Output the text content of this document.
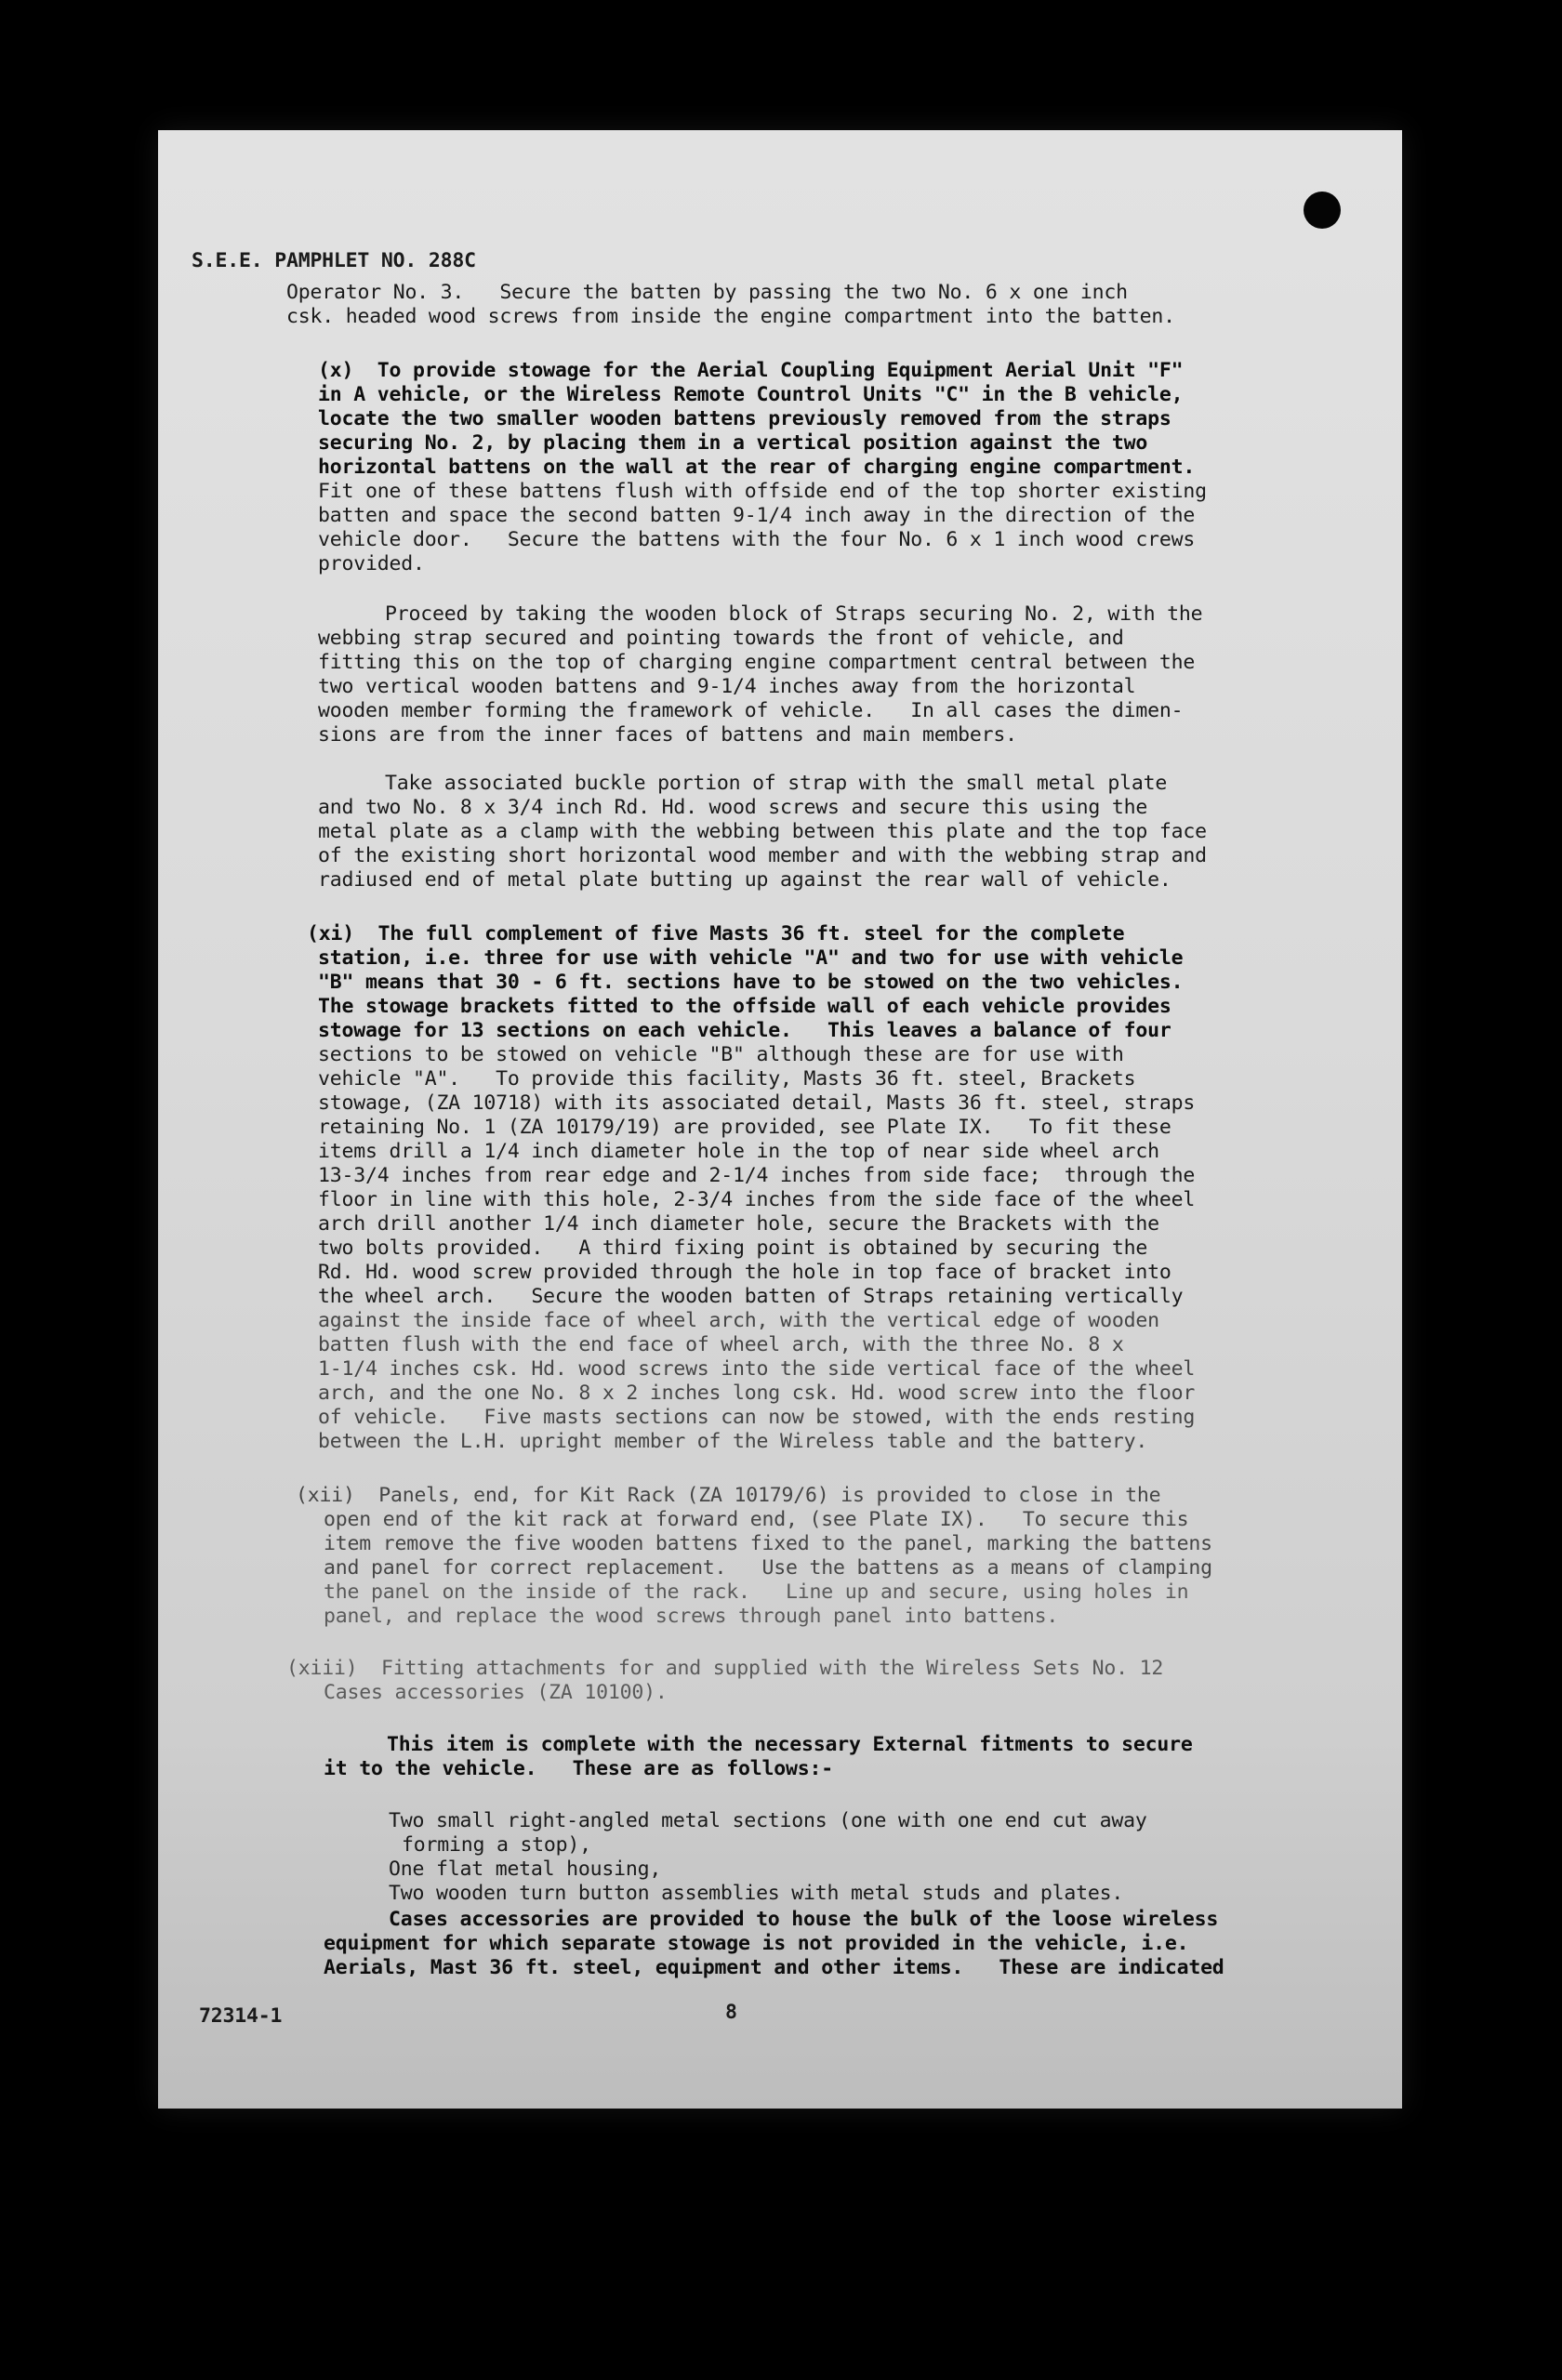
S.E.E. PAMPHLET NO. 288C
72314-1	8
Operator No. 3.   Secure the batten by passing the two No. 6 x one inch
csk. headed wood screws from inside the engine compartment into the batten.
(x)  To provide stowage for the Aerial Coupling Equipment Aerial Unit "F"
in A vehicle, or the Wireless Remote Countrol Units "C" in the B vehicle,
locate the two smaller wooden battens previously removed from the straps
securing No. 2, by placing them in a vertical position against the two
horizontal battens on the wall at the rear of charging engine compartment.
Fit one of these battens flush with offside end of the top shorter existing
batten and space the second batten 9-1/4 inch away in the direction of the
vehicle door.   Secure the battens with the four No. 6 x 1 inch wood crews
provided.
Proceed by taking the wooden block of Straps securing No. 2, with the
webbing strap secured and pointing towards the front of vehicle, and
fitting this on the top of charging engine compartment central between the
two vertical wooden battens and 9-1/4 inches away from the horizontal
wooden member forming the framework of vehicle.   In all cases the dimen-
sions are from the inner faces of battens and main members.
Take associated buckle portion of strap with the small metal plate
and two No. 8 x 3/4 inch Rd. Hd. wood screws and secure this using the
metal plate as a clamp with the webbing between this plate and the top face
of the existing short horizontal wood member and with the webbing strap and
radiused end of metal plate butting up against the rear wall of vehicle.
(xi)  The full complement of five Masts 36 ft. steel for the complete
station, i.e. three for use with vehicle "A" and two for use with vehicle
"B" means that 30 - 6 ft. sections have to be stowed on the two vehicles.
The stowage brackets fitted to the offside wall of each vehicle provides
stowage for 13 sections on each vehicle.   This leaves a balance of four
sections to be stowed on vehicle "B" although these are for use with
vehicle "A".   To provide this facility, Masts 36 ft. steel, Brackets
stowage, (ZA 10718) with its associated detail, Masts 36 ft. steel, straps
retaining No. 1 (ZA 10179/19) are provided, see Plate IX.   To fit these
items drill a 1/4 inch diameter hole in the top of near side wheel arch
13-3/4 inches from rear edge and 2-1/4 inches from side face;  through the
floor in line with this hole, 2-3/4 inches from the side face of the wheel
arch drill another 1/4 inch diameter hole, secure the Brackets with the
two bolts provided.   A third fixing point is obtained by securing the
Rd. Hd. wood screw provided through the hole in top face of bracket into
the wheel arch.   Secure the wooden batten of Straps retaining vertically
against the inside face of wheel arch, with the vertical edge of wooden
batten flush with the end face of wheel arch, with the three No. 8 x
1-1/4 inches csk. Hd. wood screws into the side vertical face of the wheel
arch, and the one No. 8 x 2 inches long csk. Hd. wood screw into the floor
of vehicle.   Five masts sections can now be stowed, with the ends resting
between the L.H. upright member of the Wireless table and the battery.
(xii)  Panels, end, for Kit Rack (ZA 10179/6) is provided to close in the
open end of the kit rack at forward end, (see Plate IX).   To secure this
item remove the five wooden battens fixed to the panel, marking the battens
and panel for correct replacement.   Use the battens as a means of clamping
the panel on the inside of the rack.   Line up and secure, using holes in
panel, and replace the wood screws through panel into battens.
(xiii)  Fitting attachments for and supplied with the Wireless Sets No. 12
Cases accessories (ZA 10100).
This item is complete with the necessary External fitments to secure
it to the vehicle.   These are as follows:-
Two small right-angled metal sections (one with one end cut away
forming a stop),
One flat metal housing,
Two wooden turn button assemblies with metal studs and plates.
Cases accessories are provided to house the bulk of the loose wireless
equipment for which separate stowage is not provided in the vehicle, i.e.
Aerials, Mast 36 ft. steel, equipment and other items.   These are indicated
